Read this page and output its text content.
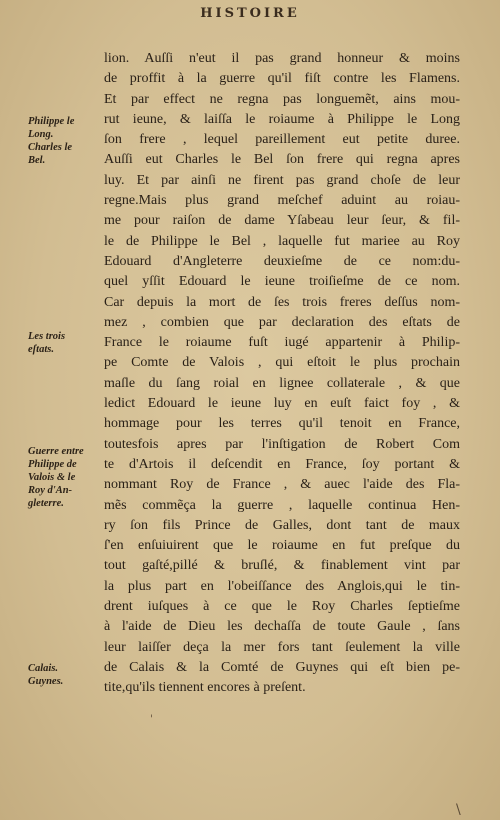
HISTOIRE
lion. Auſſi n'eut il pas grand honneur & moins
de proffit à la guerre qu'il fiſt contre les Flamens.
Et par effect ne regna pas longuemẽt, ains mou-
rut ieune, & laiſſa le roiaume à Philippe le Long
ſon frere , lequel pareillement eut petite duree.
Auſſi eut Charles le Bel ſon frere qui regna apres
luy. Et par ainſi ne firent pas grand choſe de leur
regne.Mais plus grand meſchef aduint au roiau-
me pour raiſon de dame Yſabeau leur ſeur, & fil-
le de Philippe le Bel , laquelle fut mariee au Roy
Edouard d'Angleterre deuxieſme de ce nom:du-
quel yſſit Edouard le ieune troiſieſme de ce nom.
Car depuis la mort de ſes trois freres deſſus nom-
mez , combien que par declaration des eſtats de
France le roiaume fuſt iugé appartenir à Philip-
pe Comte de Valois , qui eſtoit le plus prochain
maſle du ſang roial en lignee collaterale , & que
ledict Edouard le ieune luy en euſt faict foy , &
hommage pour les terres qu'il tenoit en France,
toutesfois apres par l'inſtigation de Robert Com
te d'Artois il deſcendit en France, ſoy portant &
nommant Roy de France , & auec l'aide des Fla-
mẽs commẽça la guerre , laquelle continua Hen-
ry ſon fils Prince de Galles, dont tant de maux
ſ'en enſuiuirent que le roiaume en fut preſque du
tout gaſté,pillé & bruſlé, & finablement vint par
la plus part en l'obeiſſance des Anglois,qui le tin-
drent iuſques à ce que le Roy Charles ſeptieſme
à l'aide de Dieu les dechaſſa de toute Gaule , ſans
leur laiſſer deça la mer fors tant ſeulement la ville
de Calais & la Comté de Guynes qui eſt bien pe-
tite,qu'ils tiennent encores à preſent.
Philippe le
Long.
Charles le
Bel.
Les trois
eſtats.
Guerre entre
Philippe de
Valois & le
Roy d'An-
gleterre.
Calais.
Guynes.
'
\
